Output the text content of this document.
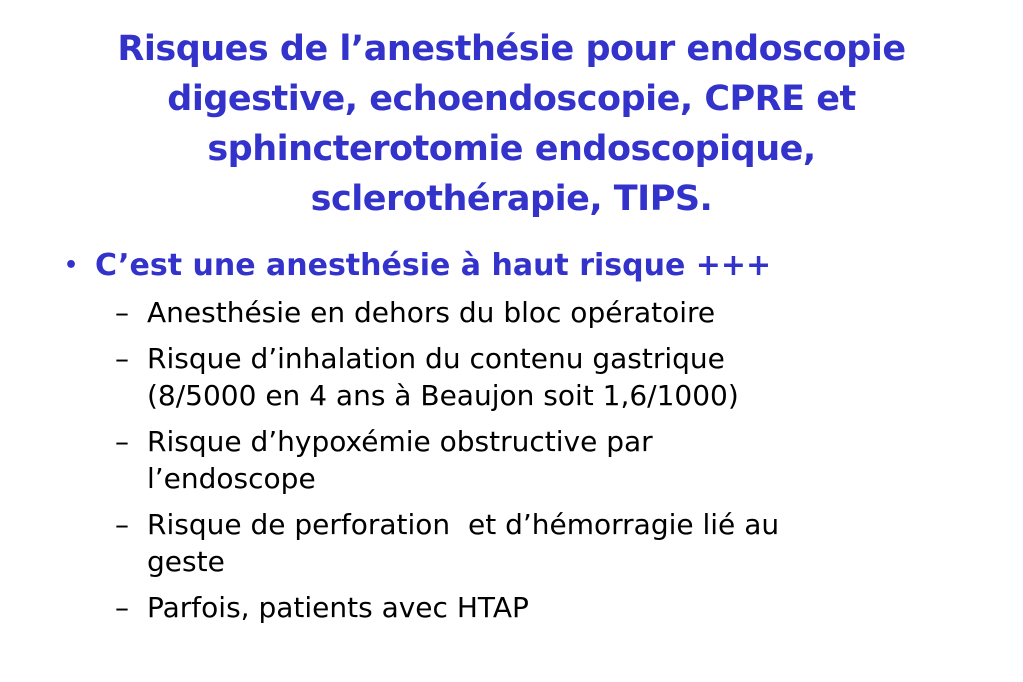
Risques de l’anesthésie pour endoscopie
digestive, echoendoscopie, CPRE et
sphincterotomie endoscopique,
sclerothérapie, TIPS.
• C’est une anesthésie à haut risque +++
– Anesthésie en dehors du bloc opératoire
– Risque d’inhalation du contenu gastrique
(8/5000 en 4 ans à Beaujon soit 1,6/1000)
– Risque d’hypoxémie obstructive par
l’endoscope
– Risque de perforation  et d’hémorragie lié au
geste
– Parfois, patients avec HTAP
